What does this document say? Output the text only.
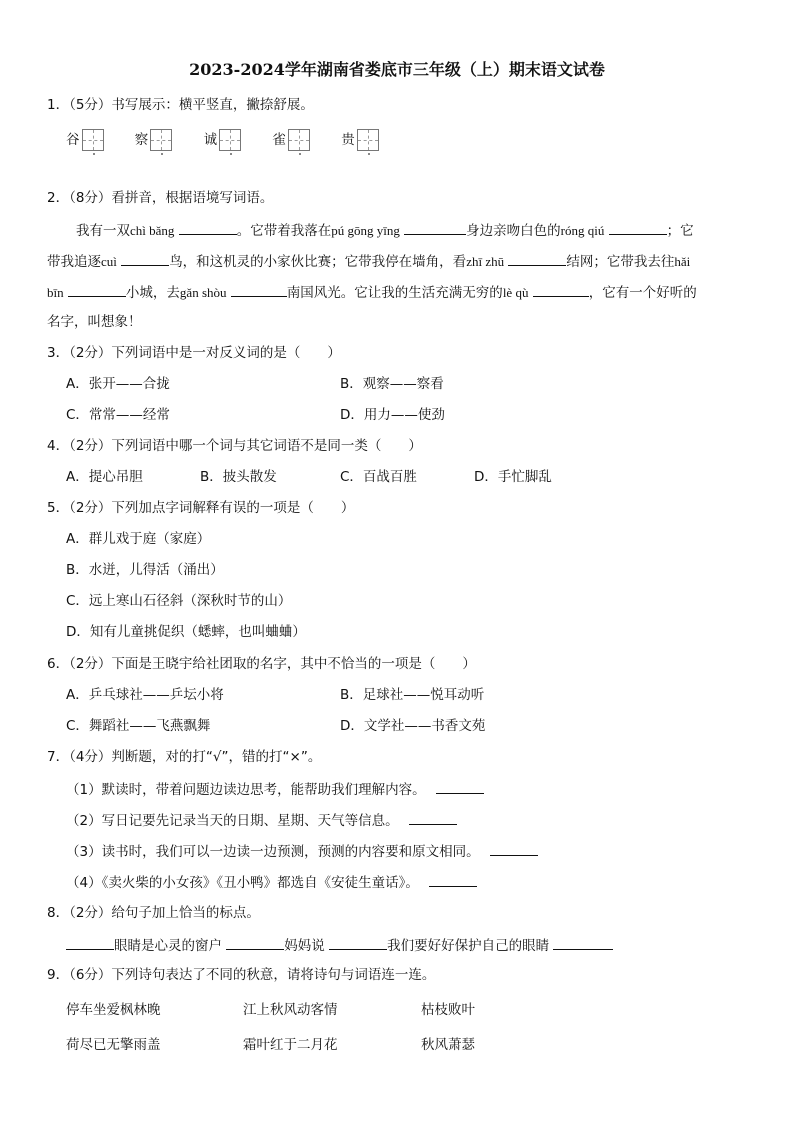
2023-2024学年湖南省娄底市三年级（上）期末语文试卷
1．（5分）书写展示：横平竖直，撇捺舒展。
谷	察	诚	雀	贵
2．（8分）看拼音，根据语境写词语。
我有一双chì bǎng	。它带着我落在pú gōng yīng	身边亲吻白色的róng qiú	；它
带我追逐cuì	鸟，和这机灵的小家伙比赛；它带我停在墙角，看zhī zhū	结网；它带我去往hǎi
bīn	小城，去gǎn shòu	南国风光。它让我的生活充满无穷的lè qù	，它有一个好听的
名字，叫想象！
3．（2分）下列词语中是一对反义词的是（　　）
A．张开——合拢	B．观察——察看
C．常常——经常	D．用力——使劲
4．（2分）下列词语中哪一个词与其它词语不是同一类（　　）
A．提心吊胆	B．披头散发	C．百战百胜	D．手忙脚乱
5．（2分）下列加点字词解释有误的一项是（　　）
A．群儿戏于庭（家庭）
B．水迸，儿得活（涌出）
C．远上寒山石径斜（深秋时节的山）
D．知有儿童挑促织（蟋蟀，也叫蛐蛐）
6．（2分）下面是王晓宇给社团取的名字，其中不恰当的一项是（　　）
A．乒乓球社——乒坛小将	B．足球社——悦耳动听
C．舞蹈社——飞燕飘舞	D．文学社——书香文苑
7．（4分）判断题，对的打“√”，错的打“×”。
（1）默读时，带着问题边读边思考，能帮助我们理解内容。
（2）写日记要先记录当天的日期、星期、天气等信息。
（3）读书时，我们可以一边读一边预测，预测的内容要和原文相同。
（4）《卖火柴的小女孩》《丑小鸭》都选自《安徒生童话》。
8．（2分）给句子加上恰当的标点。
眼睛是心灵的窗户	妈妈说	我们要好好保护自己的眼睛
9．（6分）下列诗句表达了不同的秋意，请将诗句与词语连一连。
停车坐爱枫林晚	江上秋风动客情	枯枝败叶
荷尽已无擎雨盖	霜叶红于二月花	秋风萧瑟
